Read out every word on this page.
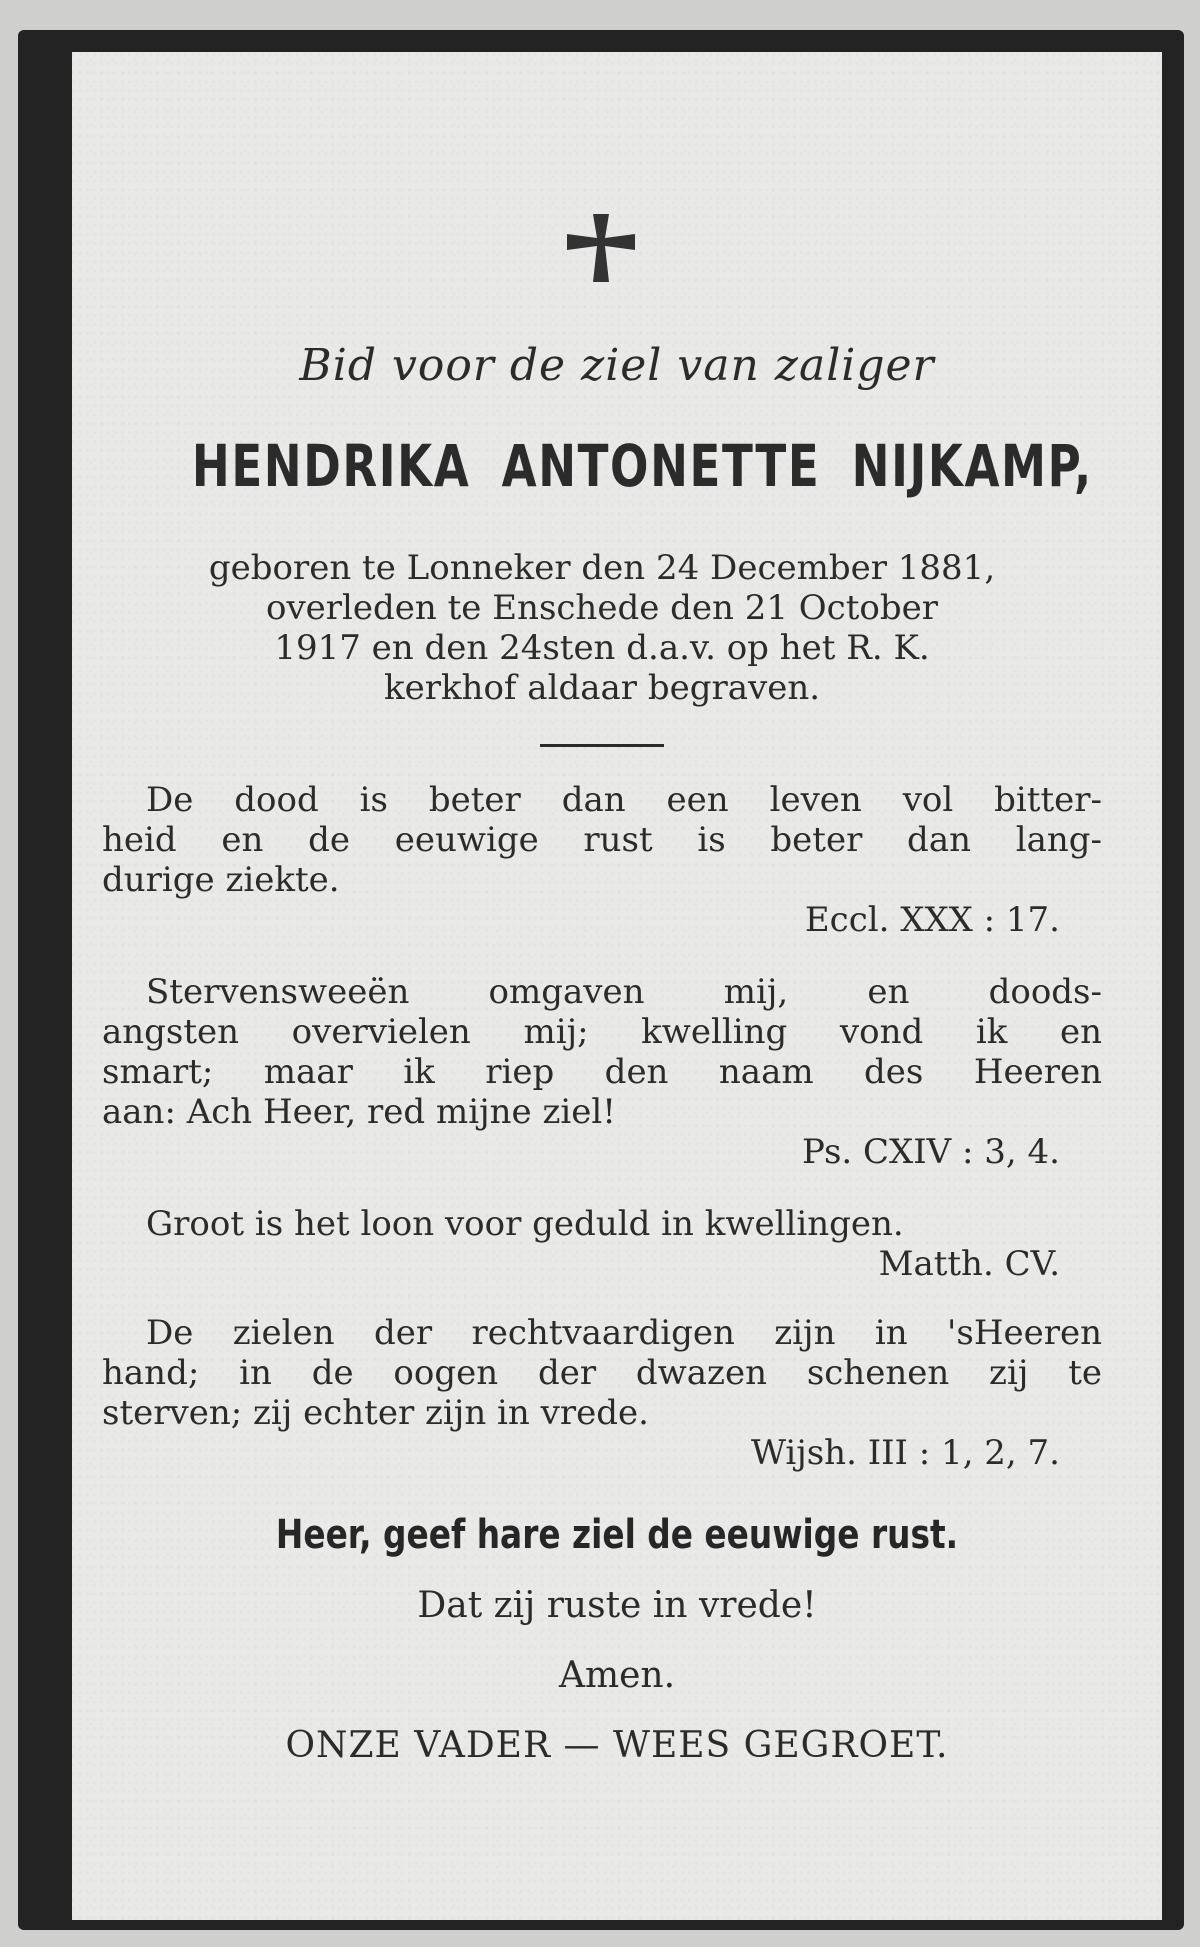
Bid voor de ziel van zaliger
HENDRIKA ANTONETTE NIJKAMP,
geboren te Lonneker den 24 December 1881,
overleden te Enschede den 21 October
1917 en den 24sten d.a.v. op het R. K.
kerkhof aldaar begraven.
De dood is beter dan een leven vol bitter-
heid en de eeuwige rust is beter dan lang-
durige ziekte.
Eccl. XXX : 17.
Stervensweeën omgaven mij, en doods-
angsten overvielen mij; kwelling vond ik en
smart; maar ik riep den naam des Heeren
aan: Ach Heer, red mijne ziel!
Ps. CXIV : 3, 4.
Groot is het loon voor geduld in kwellingen.
Matth. CV.
De zielen der rechtvaardigen zijn in 'sHeeren
hand; in de oogen der dwazen schenen zij te
sterven; zij echter zijn in vrede.
Wijsh. III : 1, 2, 7.
Heer, geef hare ziel de eeuwige rust.
Dat zij ruste in vrede!
Amen.
ONZE VADER — WEES GEGROET.
